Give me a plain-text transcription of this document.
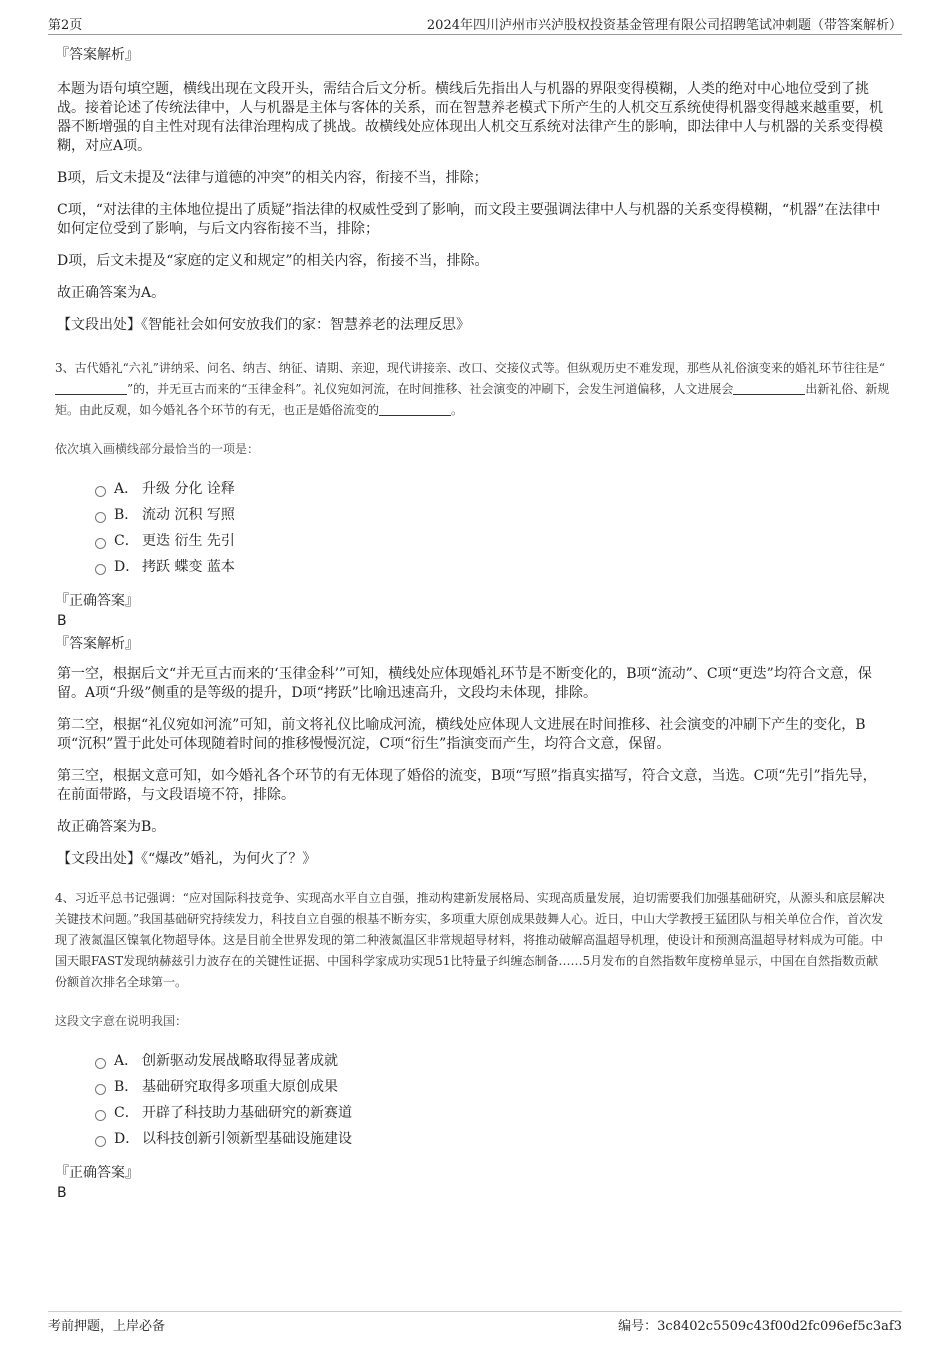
第2页	2024年四川泸州市兴泸股权投资基金管理有限公司招聘笔试冲刺题（带答案解析）

『答案解析』

本题为语句填空题，横线出现在文段开头，需结合后文分析。横线后先指出人与机器的界限变得模糊，人类的绝对中心地位受到了挑战。接着论述了传统法律中，人与机器是主体与客体的关系，而在智慧养老模式下所产生的人机交互系统使得机器变得越来越重要，机器不断增强的自主性对现有法律治理构成了挑战。故横线处应体现出人机交互系统对法律产生的影响，即法律中人与机器的关系变得模糊，对应A项。

B项，后文未提及“法律与道德的冲突”的相关内容，衔接不当，排除；

C项，“对法律的主体地位提出了质疑”指法律的权威性受到了影响，而文段主要强调法律中人与机器的关系变得模糊，“机器”在法律中如何定位受到了影响，与后文内容衔接不当，排除；

D项，后文未提及“家庭的定义和规定”的相关内容，衔接不当，排除。

故正确答案为A。

【文段出处】《智能社会如何安放我们的家：智慧养老的法理反思》

3、古代婚礼“六礼”讲纳采、问名、纳吉、纳征、请期、亲迎，现代讲接亲、改口、交接仪式等。但纵观历史不难发现，那些从礼俗演变来的婚礼环节往往是“”的，并无亘古而来的“玉律金科”。礼仪宛如河流，在时间推移、社会演变的冲刷下，会发生河道偏移，人文进展会	出新礼俗、新规矩。由此反观，如今婚礼各个环节的有无，也正是婚俗流变的	。

依次填入画横线部分最恰当的一项是：

A． 升级 分化 诠释
B． 流动 沉积 写照
C． 更迭 衍生 先引
D． 拷跃 蝶变 蓝本

『正确答案』

B

『答案解析』

第一空，根据后文“并无亘古而来的‘玉律金科’”可知，横线处应体现婚礼环节是不断变化的，B项“流动”、C项“更迭”均符合文意，保留。A项“升级”侧重的是等级的提升，D项“拷跃”比喻迅速高升，文段均未体现，排除。

第二空，根据“礼仪宛如河流”可知，前文将礼仪比喻成河流，横线处应体现人文进展在时间推移、社会演变的冲刷下产生的变化，B项“沉积”置于此处可体现随着时间的推移慢慢沉淀，C项“衍生”指演变而产生，均符合文意，保留。

第三空，根据文意可知，如今婚礼各个环节的有无体现了婚俗的流变，B项“写照”指真实描写，符合文意，当选。C项“先引”指先导，在前面带路，与文段语境不符，排除。

故正确答案为B。

【文段出处】《“爆改”婚礼，为何火了？》

4、习近平总书记强调：“应对国际科技竞争、实现高水平自立自强，推动构建新发展格局、实现高质量发展，迫切需要我们加强基础研究，从源头和底层解决关键技术问题。”我国基础研究持续发力，科技自立自强的根基不断夯实，多项重大原创成果鼓舞人心。近日，中山大学教授王猛团队与相关单位合作，首次发现了液氮温区镍氧化物超导体。这是目前全世界发现的第二种液氮温区非常规超导材料，将推动破解高温超导机理，使设计和预测高温超导材料成为可能。中国天眼FAST发现纳赫兹引力波存在的关键性证据、中国科学家成功实现51比特量子纠缠态制备……5月发布的自然指数年度榜单显示，中国在自然指数贡献份额首次排名全球第一。

这段文字意在说明我国：

A． 创新驱动发展战略取得显著成就
B． 基础研究取得多项重大原创成果
C． 开辟了科技助力基础研究的新赛道
D． 以科技创新引领新型基础设施建设

『正确答案』

B

考前押题，上岸必备	编号：3c8402c5509c43f00d2fc096ef5c3af3
